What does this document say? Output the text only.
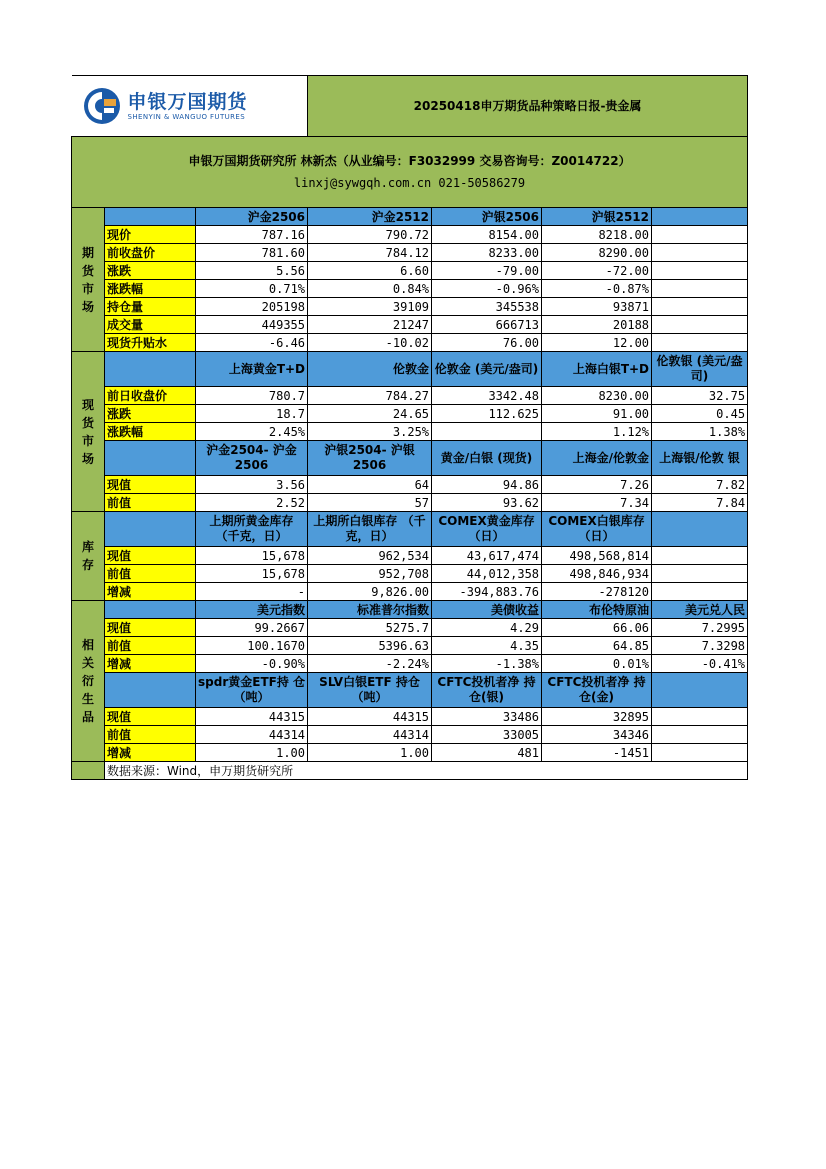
申银万国期货
SHENYIN & WANGUO FUTURES			20250418申万期货品种策略日报-贵金属			

申银万国期货研究所 林新杰（从业编号：F3032999 交易咨询号：Z0014722）
linxj@sywgqh.com.cn 021-50586279						

期 货 市 场		沪金2506	沪金2512	沪银2506	沪银2512	
	现价	787.16	790.72	8154.00	8218.00	
	前收盘价	781.60	784.12	8233.00	8290.00	
	涨跌	5.56	6.60	-79.00	-72.00	
	涨跌幅	0.71%	0.84%	-0.96%	-0.87%	
	持仓量	205198	39109	345538	93871	
	成交量	449355	21247	666713	20188	
	现货升贴水	-6.46	-10.02	76.00	12.00	
现 货 市 场		上海黄金T+D	伦敦金	伦敦金 (美元/盎司)	上海白银T+D	伦敦银 (美元/盎司)
	前日收盘价	780.7	784.27	3342.48	8230.00	32.75
	涨跌	18.7	24.65	112.625	91.00	0.45
	涨跌幅	2.45%	3.25%		1.12%	1.38%
		沪金2504- 沪金2506	沪银2504- 沪银2506	黄金/白银 (现货)	上海金/伦敦金	上海银/伦敦 银
	现值	3.56	64	94.86	7.26	7.82
	前值	2.52	57	93.62	7.34	7.84
库 存		上期所黄金库存 （千克，日）	上期所白银库存 （千克，日）	COMEX黄金库存 （日）	COMEX白银库存 （日）	
	现值	15,678	962,534	43,617,474	498,568,814	
	前值	15,678	952,708	44,012,358	498,846,934	
	增减	-	9,826.00	-394,883.76	-278120	
相 关 衍 生 品		美元指数	标准普尔指数	美债收益	布伦特原油	美元兑人民
	现值	99.2667	5275.7	4.29	66.06	7.2995
	前值	100.1670	5396.63	4.35	64.85	7.3298
	增减	-0.90%	-2.24%	-1.38%	0.01%	-0.41%
		spdr黄金ETF持 仓（吨）	SLV白银ETF 持仓（吨）	CFTC投机者净 持仓(银)	CFTC投机者净 持仓(金)	
	现值	44315	44315	33486	32895	
	前值	44314	44314	33005	34346	
	增减	1.00	1.00	481	-1451	
	数据来源：Wind，申万期货研究所					
